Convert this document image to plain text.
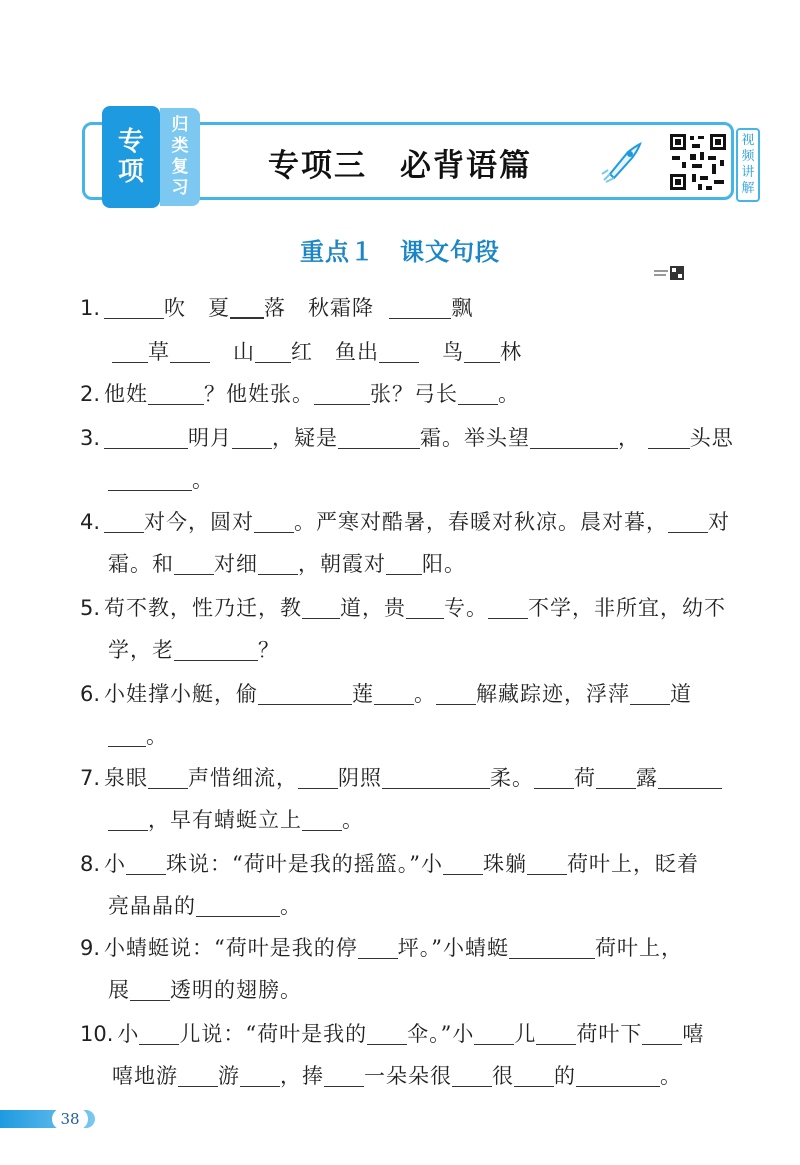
专
项
归
类
复
习
专项三　必背语篇
视
频
讲
解
重点１　课文句段
1.	吹　夏 落　秋霜降	飘
草	山 红　鱼出	鸟 林
2. 他姓	？他姓张。	张？弓长 。
3.	明月 ，疑是	霜。举头望	， 头思
。
4. 对今，圆对 。严寒对酷暑，春暖对秋凉。晨对暮， 对
霜。和 对细 ，朝霞对 阳。
5. 苟不教，性乃迁，教 道，贵 专。 不学，非所宜，幼不
学，老	？
6. 小娃撑小艇，偷	莲 。 解藏踪迹，浮萍 道
。
7. 泉眼 声惜细流， 阴照	柔。 荷 露
，早有蜻蜓立上 。
8. 小 珠说：“荷叶是我的摇篮。”小 珠躺 荷叶上，眨着
亮晶晶的	。
9. 小蜻蜓说：“荷叶是我的停 坪。”小蜻蜓	荷叶上，
展 透明的翅膀。
10. 小 儿说：“荷叶是我的 伞。”小 儿 荷叶下 嘻
嘻地游 游 ，捧 一朵朵很 很 的	。
38
